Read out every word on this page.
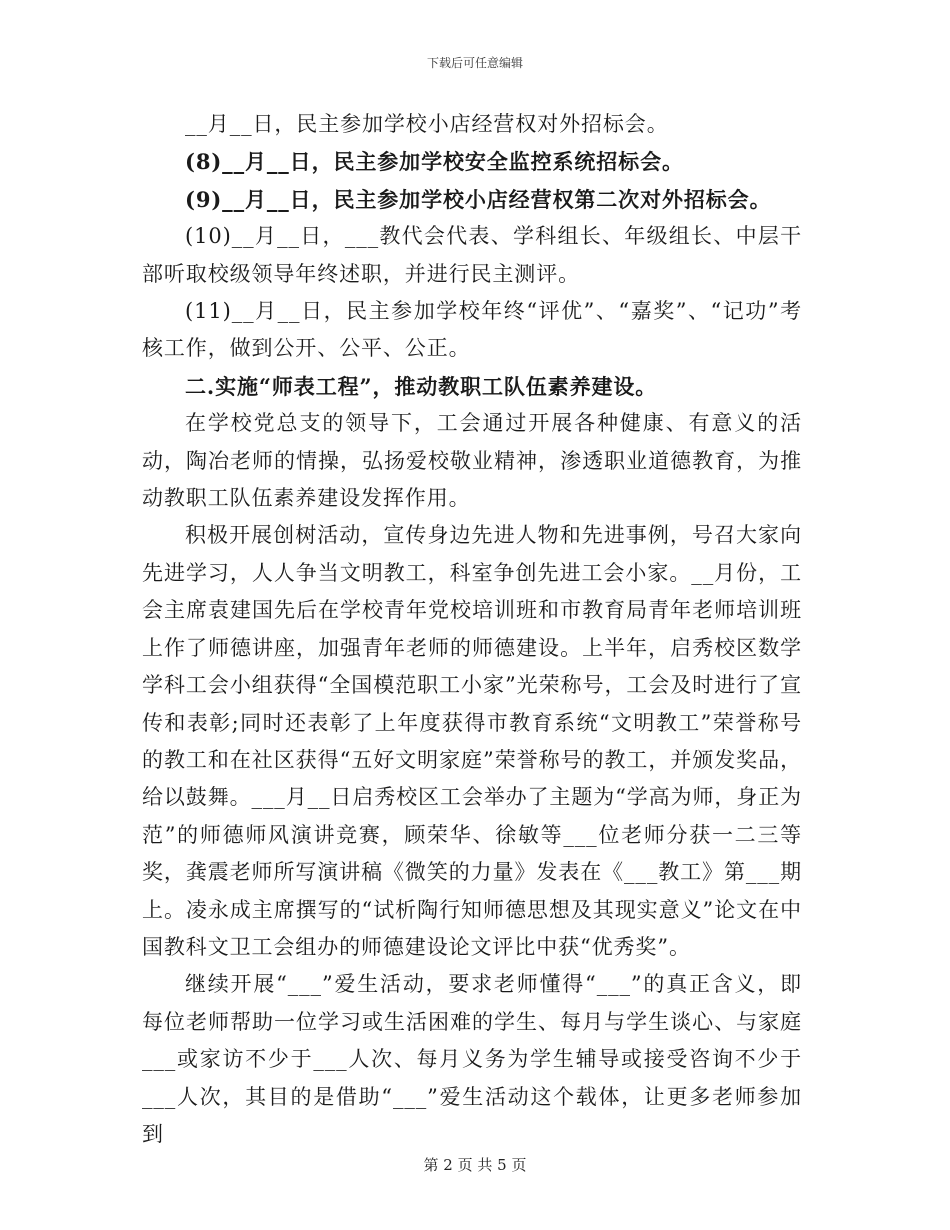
下载后可任意编辑

__月__日，民主参加学校小店经营权对外招标会。

(8)__月__日，民主参加学校安全监控系统招标会。

(9)__月__日，民主参加学校小店经营权第二次对外招标会。

(10)__月__日，___教代会代表、学科组长、年级组长、中层干部听取校级领导年终述职，并进行民主测评。

(11)__月__日，民主参加学校年终“评优”、“嘉奖”、“记功”考核工作，做到公开、公平、公正。

二.实施“师表工程”，推动教职工队伍素养建设。

在学校党总支的领导下，工会通过开展各种健康、有意义的活动，陶冶老师的情操，弘扬爱校敬业精神，渗透职业道德教育，为推动教职工队伍素养建设发挥作用。

积极开展创树活动，宣传身边先进人物和先进事例，号召大家向先进学习，人人争当文明教工，科室争创先进工会小家。__月份，工会主席袁建国先后在学校青年党校培训班和市教育局青年老师培训班上作了师德讲座，加强青年老师的师德建设。上半年，启秀校区数学学科工会小组获得“全国模范职工小家”光荣称号，工会及时进行了宣传和表彰;同时还表彰了上年度获得市教育系统“文明教工”荣誉称号的教工和在社区获得“五好文明家庭”荣誉称号的教工，并颁发奖品，给以鼓舞。___月__日启秀校区工会举办了主题为“学高为师，身正为范”的师德师风演讲竞赛，顾荣华、徐敏等___位老师分获一二三等奖，龚震老师所写演讲稿《微笑的力量》发表在《___教工》第___期上。凌永成主席撰写的“试析陶行知师德思想及其现实意义”论文在中国教科文卫工会组办的师德建设论文评比中获“优秀奖”。

继续开展“___”爱生活动，要求老师懂得“___”的真正含义，即每位老师帮助一位学习或生活困难的学生、每月与学生谈心、与家庭___或家访不少于___人次、每月义务为学生辅导或接受咨询不少于___人次，其目的是借助“___”爱生活动这个载体，让更多老师参加到

第 2 页 共 5 页
